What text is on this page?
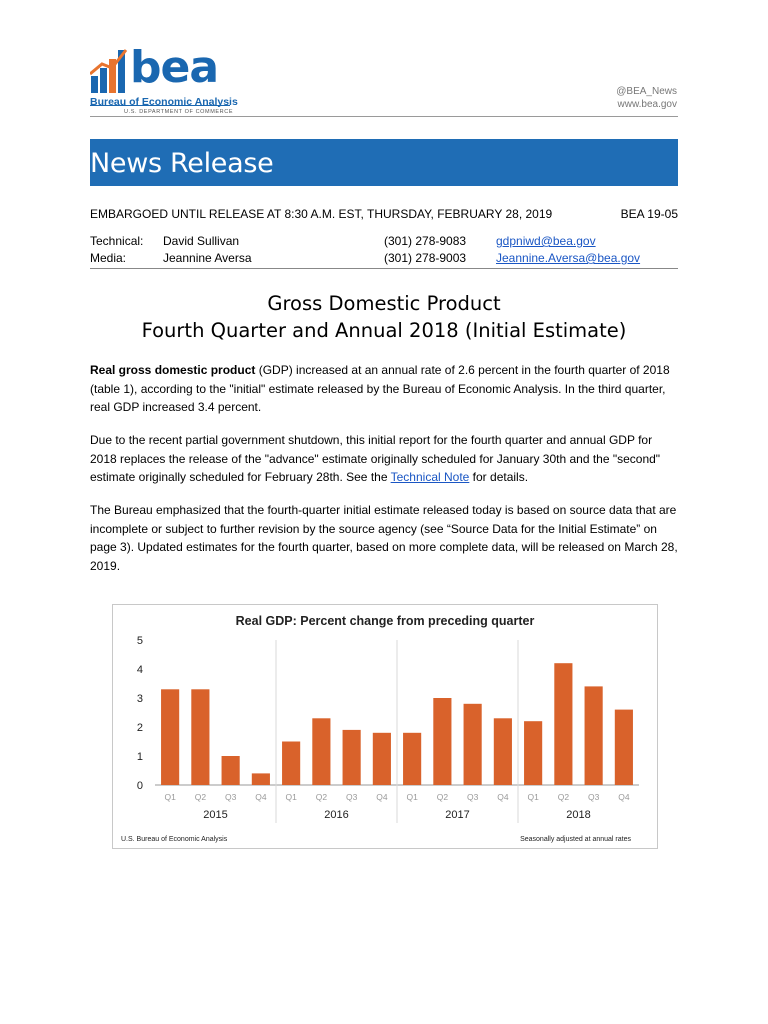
bea
Bureau of Economic Analysis
U.S. DEPARTMENT OF COMMERCE
@BEA_News
www.bea.gov
News Release
EMBARGOED UNTIL RELEASE AT 8:30 A.M. EST, THURSDAY, FEBRUARY 28, 2019	BEA 19-05
Technical: David Sullivan	(301) 278-9083 gdpniwd@bea.gov
Media:	Jeannine Aversa	(301) 278-9003 Jeannine.Aversa@bea.gov
Gross Domestic Product
Fourth Quarter and Annual 2018 (Initial Estimate)
Real gross domestic product (GDP) increased at an annual rate of 2.6 percent in the fourth quarter of 2018 (table 1), according to the "initial" estimate released by the Bureau of Economic Analysis. In the third quarter, real GDP increased 3.4 percent.
Due to the recent partial government shutdown, this initial report for the fourth quarter and annual GDP for 2018 replaces the release of the "advance" estimate originally scheduled for January 30th and the "second" estimate originally scheduled for February 28th. See the Technical Note for details.
The Bureau emphasized that the fourth-quarter initial estimate released today is based on source data that are incomplete or subject to further revision by the source agency (see “Source Data for the Initial Estimate” on page 3). Updated estimates for the fourth quarter, based on more complete data, will be released on March 28, 2019.
Real GDP: Percent change from preceding quarter
0
1
2
3
4
5
Q1 Q2 Q3 Q4 Q1 Q2 Q3 Q4 Q1 Q2 Q3 Q4 Q1 Q2 Q3 Q4
2015	2016	2017	2018
U.S. Bureau of Economic Analysis	Seasonally adjusted at annual rates
